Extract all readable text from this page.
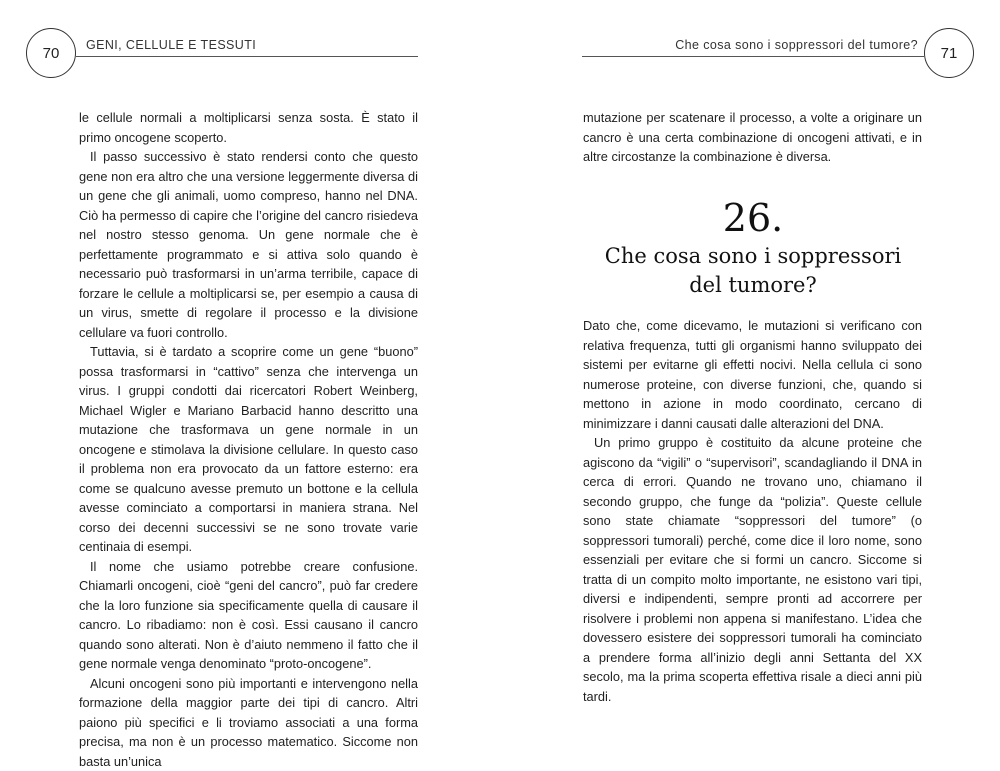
70 GENI, CELLULE E TESSUTI

le cellule normali a moltiplicarsi senza sosta. È stato il primo oncogene scoperto.

Il passo successivo è stato rendersi conto che questo gene non era altro che una versione leggermente diversa di un gene che gli animali, uomo compreso, hanno nel DNA. Ciò ha permesso di capire che l’origine del cancro risiedeva nel nostro stesso genoma. Un gene normale che è perfettamente programmato e si attiva solo quando è necessario può trasformarsi in un’arma terribile, capace di forzare le cellule a moltiplicarsi se, per esempio a causa di un virus, smette di regolare il processo e la divisione cellulare va fuori controllo.

Tuttavia, si è tardato a scoprire come un gene “buono” possa trasformarsi in “cattivo” senza che intervenga un virus. I gruppi condotti dai ricercatori Robert Weinberg, Michael Wigler e Mariano Barbacid hanno descritto una mutazione che trasformava un gene normale in un oncogene e stimolava la divisione cellulare. In questo caso il problema non era provocato da un fattore esterno: era come se qualcuno avesse premuto un bottone e la cellula avesse cominciato a comportarsi in maniera strana. Nel corso dei decenni successivi se ne sono trovate varie centinaia di esempi.

Il nome che usiamo potrebbe creare confusione. Chiamarli oncogeni, cioè “geni del cancro”, può far credere che la loro funzione sia specificamente quella di causare il cancro. Lo ribadiamo: non è così. Essi causano il cancro quando sono alterati. Non è d’aiuto nemmeno il fatto che il gene normale venga denominato “proto-oncogene”.

Alcuni oncogeni sono più importanti e intervengono nella formazione della maggior parte dei tipi di cancro. Altri paiono più specifici e li troviamo associati a una forma precisa, ma non è un processo matematico. Siccome non basta un’unica

71
Che cosa sono i soppressori del tumore?

mutazione per scatenare il processo, a volte a originare un cancro è una certa combinazione di oncogeni attivati, e in altre circostanze la combinazione è diversa.

26.
Che cosa sono i soppressori
del tumore?

Dato che, come dicevamo, le mutazioni si verificano con relativa frequenza, tutti gli organismi hanno sviluppato dei sistemi per evitarne gli effetti nocivi. Nella cellula ci sono numerose proteine, con diverse funzioni, che, quando si mettono in azione in modo coordinato, cercano di minimizzare i danni causati dalle alterazioni del DNA.

Un primo gruppo è costituito da alcune proteine che agiscono da “vigili” o “supervisori”, scandagliando il DNA in cerca di errori. Quando ne trovano uno, chiamano il secondo gruppo, che funge da “polizia”. Queste cellule sono state chiamate “soppressori del tumore” (o soppressori tumorali) perché, come dice il loro nome, sono essenziali per evitare che si formi un cancro. Siccome si tratta di un compito molto importante, ne esistono vari tipi, diversi e indipendenti, sempre pronti ad accorrere per risolvere i problemi non appena si manifestano. L’idea che dovessero esistere dei soppressori tumorali ha cominciato a prendere forma all’inizio degli anni Settanta del XX secolo, ma la prima scoperta effettiva risale a dieci anni più tardi.
